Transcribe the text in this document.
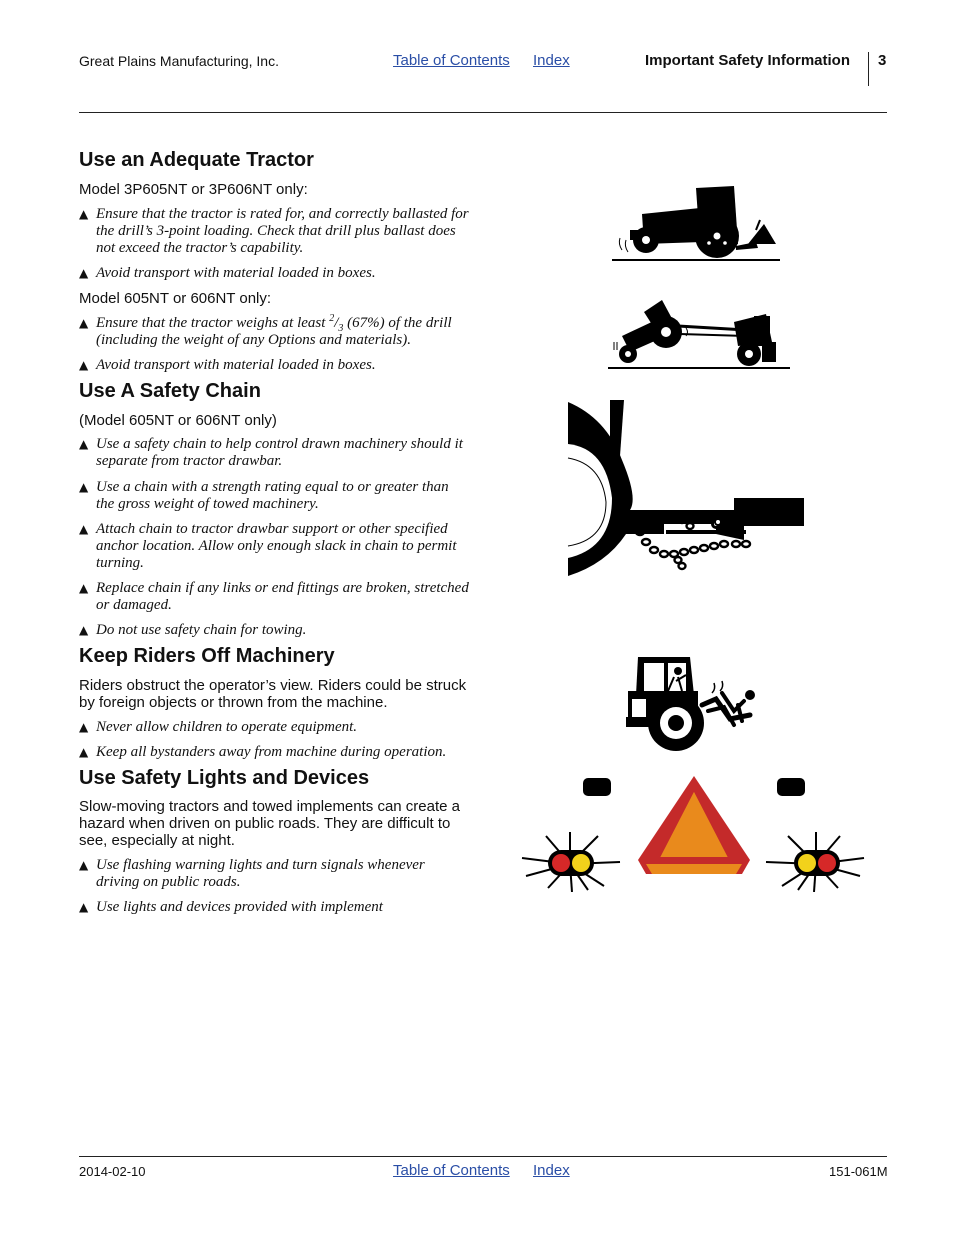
Great Plains Manufacturing, Inc.	Table of Contents Index	Important Safety Information 3
Use an Adequate Tractor
Model 3P605NT or 3P606NT only:
▲ Ensure that the tractor is rated for, and correctly ballasted for the drill’s 3-point loading. Check that drill plus ballast does not exceed the tractor’s capability.
▲ Avoid transport with material loaded in boxes.
Model 605NT or 606NT only:
▲ Ensure that the tractor weighs at least $^2/_3$ (67%) of the drill (including the weight of any Options and materials).
▲ Avoid transport with material loaded in boxes.
Use A Safety Chain
(Model 605NT or 606NT only)
▲ Use a safety chain to help control drawn machinery should it separate from tractor drawbar.
▲ Use a chain with a strength rating equal to or greater than the gross weight of towed machinery.
▲ Attach chain to tractor drawbar support or other specified anchor location. Allow only enough slack in chain to permit turning.
▲ Replace chain if any links or end fittings are broken, stretched or damaged.
▲ Do not use safety chain for towing.
Keep Riders Off Machinery
Riders obstruct the operator’s view. Riders could be struck by foreign objects or thrown from the machine.
▲ Never allow children to operate equipment.
▲ Keep all bystanders away from machine during operation.
Use Safety Lights and Devices
Slow-moving tractors and towed implements can create a hazard when driven on public roads. They are difficult to see, especially at night.
▲ Use flashing warning lights and turn signals whenever driving on public roads.
▲ Use lights and devices provided with implement
2014-02-10	Table of Contents Index	151-061M
